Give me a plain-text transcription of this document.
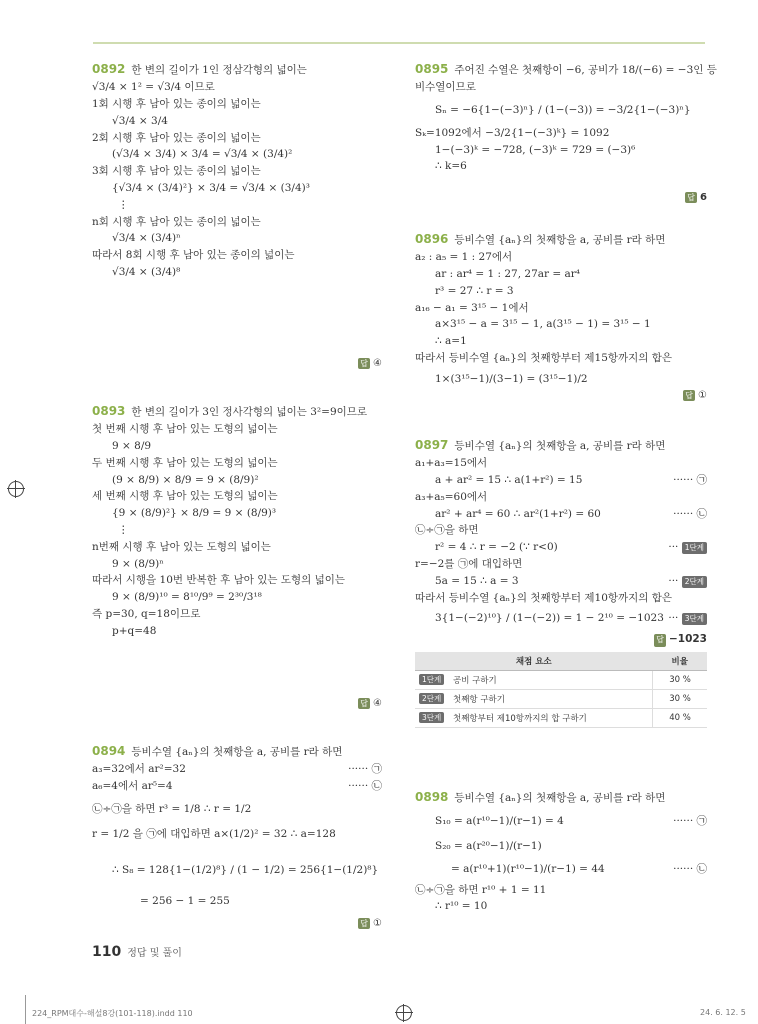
0892 한 변의 길이가 1인 정삼각형의 넓이는
√3/4 × 1² = √3/4 이므로
1회 시행 후 남아 있는 종이의 넓이는
√3/4 × 3/4
2회 시행 후 남아 있는 종이의 넓이는
(√3/4 × 3/4) × 3/4 = √3/4 × (3/4)²
3회 시행 후 남아 있는 종이의 넓이는
{√3/4 × (3/4)²} × 3/4 = √3/4 × (3/4)³
⋮
n회 시행 후 남아 있는 종이의 넓이는
√3/4 × (3/4)ⁿ
따라서 8회 시행 후 남아 있는 종이의 넓이는
√3/4 × (3/4)⁸
답 ④
0893 한 변의 길이가 3인 정사각형의 넓이는 3²=9이므로
첫 번째 시행 후 남아 있는 도형의 넓이는
9 × 8/9
두 번째 시행 후 남아 있는 도형의 넓이는
(9 × 8/9) × 8/9 = 9 × (8/9)²
세 번째 시행 후 남아 있는 도형의 넓이는
{9 × (8/9)²} × 8/9 = 9 × (8/9)³
⋮
n번째 시행 후 남아 있는 도형의 넓이는
9 × (8/9)ⁿ
따라서 시행을 10번 반복한 후 남아 있는 도형의 넓이는
9 × (8/9)¹⁰ = 8¹⁰/9⁹ = 2³⁰/3¹⁸
즉 p=30, q=18이므로
p+q=48
답 ④
0894 등비수열 {aₙ}의 첫째항을 a, 공비를 r라 하면
a₃=32에서 ar²=32	······ ㉠
a₆=4에서 ar⁵=4	······ ㉡
㉡÷㉠을 하면 r³ = 1/8 ∴ r = 1/2
r = 1/2 을 ㉠에 대입하면 a×(1/2)² = 32 ∴ a=128
∴ S₈ = 128{1−(1/2)⁸} / (1 − 1/2) = 256{1−(1/2)⁸}
= 256 − 1 = 255
답 ①
0895 주어진 수열은 첫째항이 −6, 공비가 18/(−6) = −3인 등
비수열이므로
Sₙ = −6{1−(−3)ⁿ} / (1−(−3)) = −3/2{1−(−3)ⁿ}
Sₖ=1092에서 −3/2{1−(−3)ᵏ} = 1092
1−(−3)ᵏ = −728, (−3)ᵏ = 729 = (−3)⁶
∴ k=6
답 6
0896 등비수열 {aₙ}의 첫째항을 a, 공비를 r라 하면
a₂ : a₅ = 1 : 27에서
ar : ar⁴ = 1 : 27, 27ar = ar⁴
r³ = 27 ∴ r = 3
a₁₆ − a₁ = 3¹⁵ − 1에서
a×3¹⁵ − a = 3¹⁵ − 1, a(3¹⁵ − 1) = 3¹⁵ − 1
∴ a=1
따라서 등비수열 {aₙ}의 첫째항부터 제15항까지의 합은
1×(3¹⁵−1)/(3−1) = (3¹⁵−1)/2
답 ①
0897 등비수열 {aₙ}의 첫째항을 a, 공비를 r라 하면
a₁+a₃=15에서
a + ar² = 15 ∴ a(1+r²) = 15	······ ㉠
a₃+a₅=60에서
ar² + ar⁴ = 60 ∴ ar²(1+r²) = 60	······ ㉡
㉡÷㉠을 하면
r² = 4 ∴ r = −2 (∵ r<0)	··· 1단계
r=−2를 ㉠에 대입하면
5a = 15 ∴ a = 3	··· 2단계
따라서 등비수열 {aₙ}의 첫째항부터 제10항까지의 합은
3{1−(−2)¹⁰} / (1−(−2)) = 1 − 2¹⁰ = −1023 ··· 3단계
답 −1023
채점 요소		비율
1단계	공비 구하기	30 %
2단계	첫째항 구하기	30 %
3단계	첫째항부터 제10항까지의 합 구하기	40 %
0898 등비수열 {aₙ}의 첫째항을 a, 공비를 r라 하면
S₁₀ = a(r¹⁰−1)/(r−1) = 4	······ ㉠
S₂₀ = a(r²⁰−1)/(r−1)
= a(r¹⁰+1)(r¹⁰−1)/(r−1) = 44	······ ㉡
㉡÷㉠을 하면 r¹⁰ + 1 = 11
∴ r¹⁰ = 10
110 정답 및 풀이
224_RPM대수-해설8강(101-118).indd 110	24. 6. 12. 5
